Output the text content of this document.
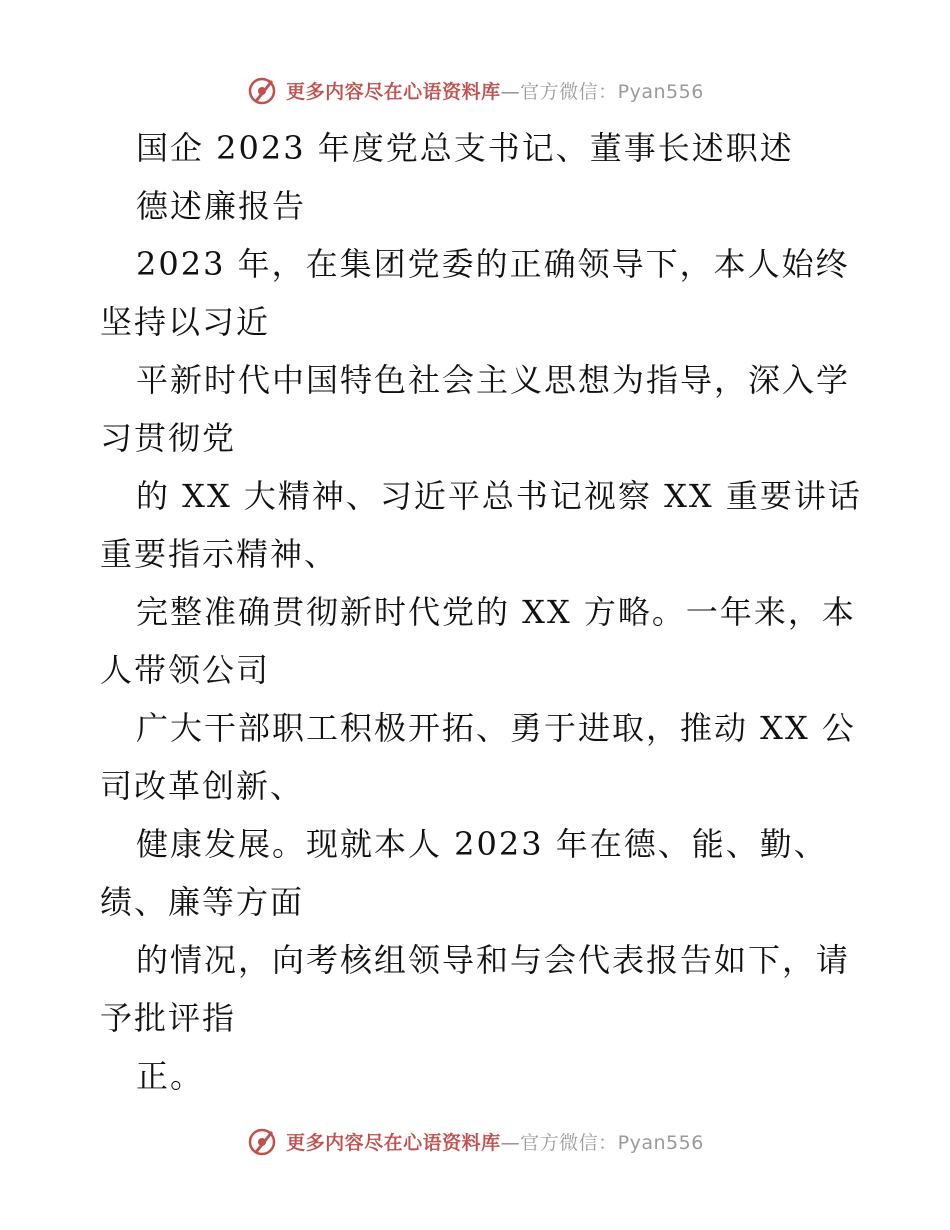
更多内容尽在心语资料库—官方微信：Pyan556
国企 2023 年度党总支书记、董事长述职述
德述廉报告
2023 年，在集团党委的正确领导下，本人始终
坚持以习近
平新时代中国特色社会主义思想为指导，深入学
习贯彻党
的 XX 大精神、习近平总书记视察 XX 重要讲话
重要指示精神、
完整准确贯彻新时代党的 XX 方略。一年来，本
人带领公司
广大干部职工积极开拓、勇于进取，推动 XX 公
司改革创新、
健康发展。现就本人 2023 年在德、能、勤、
绩、廉等方面
的情况，向考核组领导和与会代表报告如下，请
予批评指
正。
更多内容尽在心语资料库—官方微信：Pyan556
